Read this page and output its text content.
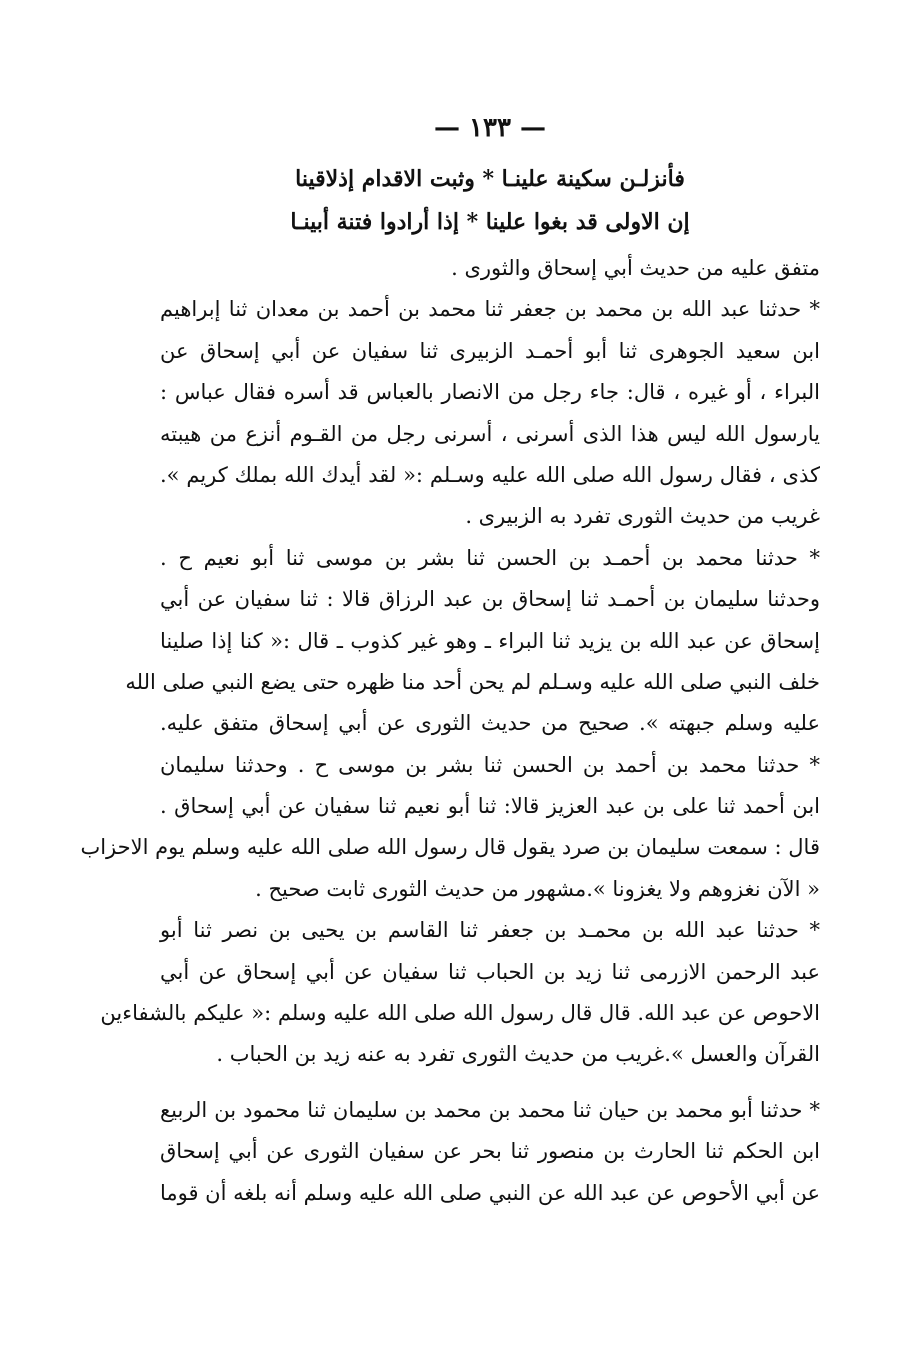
— ١٣٣ —
فأنزلـن سكينة علينـا * وثبت الاقدام إذلاقينا
إن الاولى قد بغوا علينا * إذا أرادوا فتنة أبينـا
متفق عليه من حديث أبي إسحاق والثورى .
* حدثنا عبد الله بن محمد بن جعفر ثنا محمد بن أحمد بن معدان ثنا إبراهيم
ابن سعيد الجوهرى ثنا أبو أحمـد الزبيرى ثنا سفيان عن أبي إسحاق عن
البراء ، أو غيره ، قال: جاء رجل من الانصار بالعباس قد أسره فقال عباس :
يارسول الله ليس هذا الذى أسرنى ، أسرنى رجل من القـوم أنزع من هيبته
كذى ، فقال رسول الله صلى الله عليه وسـلم :« لقد أيدك الله بملك كريم ».
غريب من حديث الثورى تفرد به الزبيرى .
* حدثنا محمد بن أحمـد بن الحسن ثنا بشر بن موسى ثنا أبو نعيم ح .
وحدثنا سليمان بن أحمـد ثنا إسحاق بن عبد الرزاق قالا : ثنا سفيان عن أبي
إسحاق عن عبد الله بن يزيد ثنا البراء ـ وهو غير كذوب ـ قال :« كنا إذا صلينا
خلف النبي صلى الله عليه وسـلم لم يحن أحد منا ظهره حتى يضع النبي صلى الله
عليه وسلم جبهته ». صحيح من حديث الثورى عن أبي إسحاق متفق عليه.
* حدثنا محمد بن أحمد بن الحسن ثنا بشر بن موسى ح . وحدثنا سليمان
ابن أحمد ثنا على بن عبد العزيز قالا: ثنا أبو نعيم ثنا سفيان عن أبي إسحاق .
قال : سمعت سليمان بن صرد يقول قال رسول الله صلى الله عليه وسلم يوم الاحزاب
« الآن نغزوهم ولا يغزونا ».مشهور من حديث الثورى ثابت صحيح .
* حدثنا عبد الله بن محمـد بن جعفر ثنا القاسم بن يحيى بن نصر ثنا أبو
عبد الرحمن الازرمى ثنا زيد بن الحباب ثنا سفيان عن أبي إسحاق عن أبي
الاحوص عن عبد الله. قال قال رسول الله صلى الله عليه وسلم :« عليكم بالشفاءين
القرآن والعسل ».غريب من حديث الثورى تفرد به عنه زيد بن الحباب .
* حدثنا أبو محمد بن حيان ثنا محمد بن محمد بن سليمان ثنا محمود بن الربيع
ابن الحكم ثنا الحارث بن منصور ثنا بحر عن سفيان الثورى عن أبي إسحاق
عن أبي الأحوص عن عبد الله عن النبي صلى الله عليه وسلم أنه بلغه أن قوما
